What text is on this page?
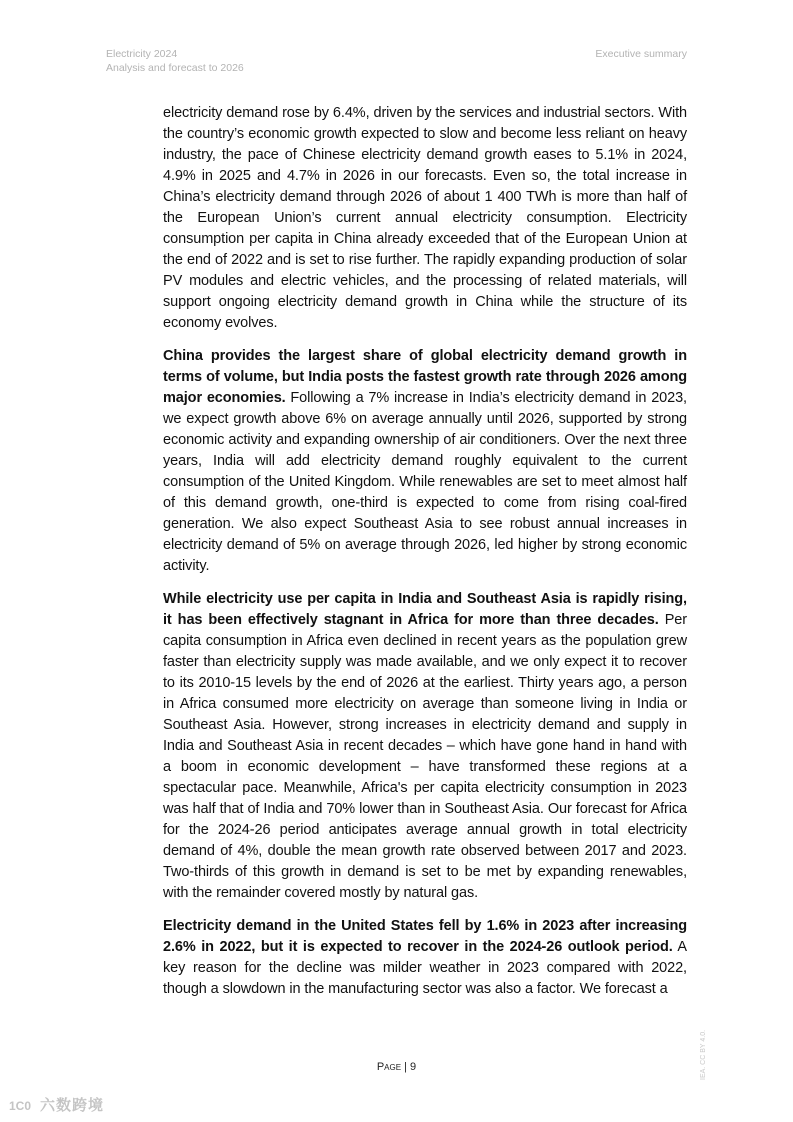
Electricity 2024
Analysis and forecast to 2026
Executive summary

electricity demand rose by 6.4%, driven by the services and industrial sectors. With the country’s economic growth expected to slow and become less reliant on heavy industry, the pace of Chinese electricity demand growth eases to 5.1% in 2024, 4.9% in 2025 and 4.7% in 2026 in our forecasts. Even so, the total increase in China’s electricity demand through 2026 of about 1 400 TWh is more than half of the European Union’s current annual electricity consumption. Electricity consumption per capita in China already exceeded that of the European Union at the end of 2022 and is set to rise further. The rapidly expanding production of solar PV modules and electric vehicles, and the processing of related materials, will support ongoing electricity demand growth in China while the structure of its economy evolves.

China provides the largest share of global electricity demand growth in terms of volume, but India posts the fastest growth rate through 2026 among major economies. Following a 7% increase in India’s electricity demand in 2023, we expect growth above 6% on average annually until 2026, supported by strong economic activity and expanding ownership of air conditioners. Over the next three years, India will add electricity demand roughly equivalent to the current consumption of the United Kingdom. While renewables are set to meet almost half of this demand growth, one-third is expected to come from rising coal-fired generation. We also expect Southeast Asia to see robust annual increases in electricity demand of 5% on average through 2026, led higher by strong economic activity.

While electricity use per capita in India and Southeast Asia is rapidly rising, it has been effectively stagnant in Africa for more than three decades. Per capita consumption in Africa even declined in recent years as the population grew faster than electricity supply was made available, and we only expect it to recover to its 2010-15 levels by the end of 2026 at the earliest. Thirty years ago, a person in Africa consumed more electricity on average than someone living in India or Southeast Asia. However, strong increases in electricity demand and supply in India and Southeast Asia in recent decades – which have gone hand in hand with a boom in economic development – have transformed these regions at a spectacular pace. Meanwhile, Africa's per capita electricity consumption in 2023 was half that of India and 70% lower than in Southeast Asia. Our forecast for Africa for the 2024-26 period anticipates average annual growth in total electricity demand of 4%, double the mean growth rate observed between 2017 and 2023. Two-thirds of this growth in demand is set to be met by expanding renewables, with the remainder covered mostly by natural gas.

Electricity demand in the United States fell by 1.6% in 2023 after increasing 2.6% in 2022, but it is expected to recover in the 2024-26 outlook period. A key reason for the decline was milder weather in 2023 compared with 2022, though a slowdown in the manufacturing sector was also a factor. We forecast a

Page | 9	IEA. CC BY 4.0.
1C0 六数跨境
